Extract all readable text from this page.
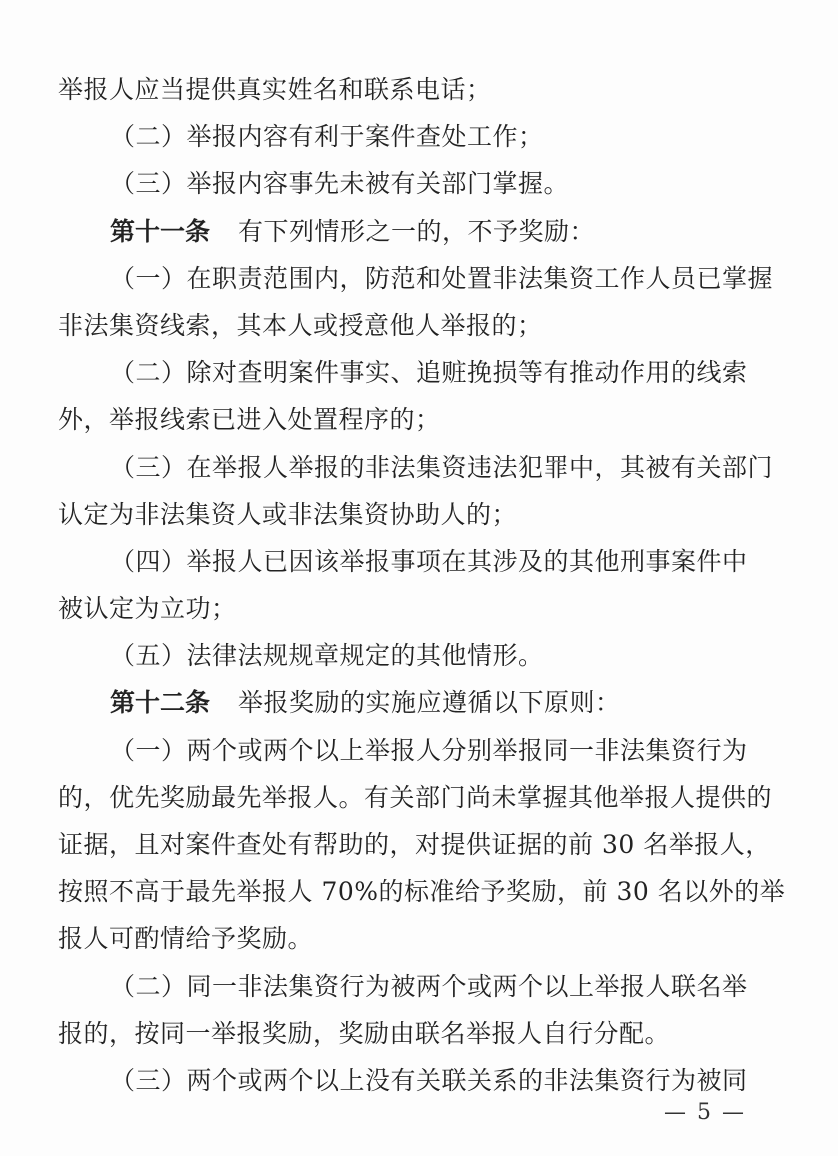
举报人应当提供真实姓名和联系电话；
（二）举报内容有利于案件查处工作；
（三）举报内容事先未被有关部门掌握。
第十一条 有下列情形之一的，不予奖励：
（一）在职责范围内，防范和处置非法集资工作人员已掌握
非法集资线索，其本人或授意他人举报的；
（二）除对查明案件事实、追赃挽损等有推动作用的线索
外，举报线索已进入处置程序的；
（三）在举报人举报的非法集资违法犯罪中，其被有关部门
认定为非法集资人或非法集资协助人的；
（四）举报人已因该举报事项在其涉及的其他刑事案件中
被认定为立功；
（五）法律法规规章规定的其他情形。
第十二条 举报奖励的实施应遵循以下原则：
（一）两个或两个以上举报人分别举报同一非法集资行为
的，优先奖励最先举报人。有关部门尚未掌握其他举报人提供的
证据，且对案件查处有帮助的，对提供证据的前 30 名举报人，
按照不高于最先举报人 70%的标准给予奖励，前 30 名以外的举
报人可酌情给予奖励。
（二）同一非法集资行为被两个或两个以上举报人联名举
报的，按同一举报奖励，奖励由联名举报人自行分配。
（三）两个或两个以上没有关联关系的非法集资行为被同
— 5 —
